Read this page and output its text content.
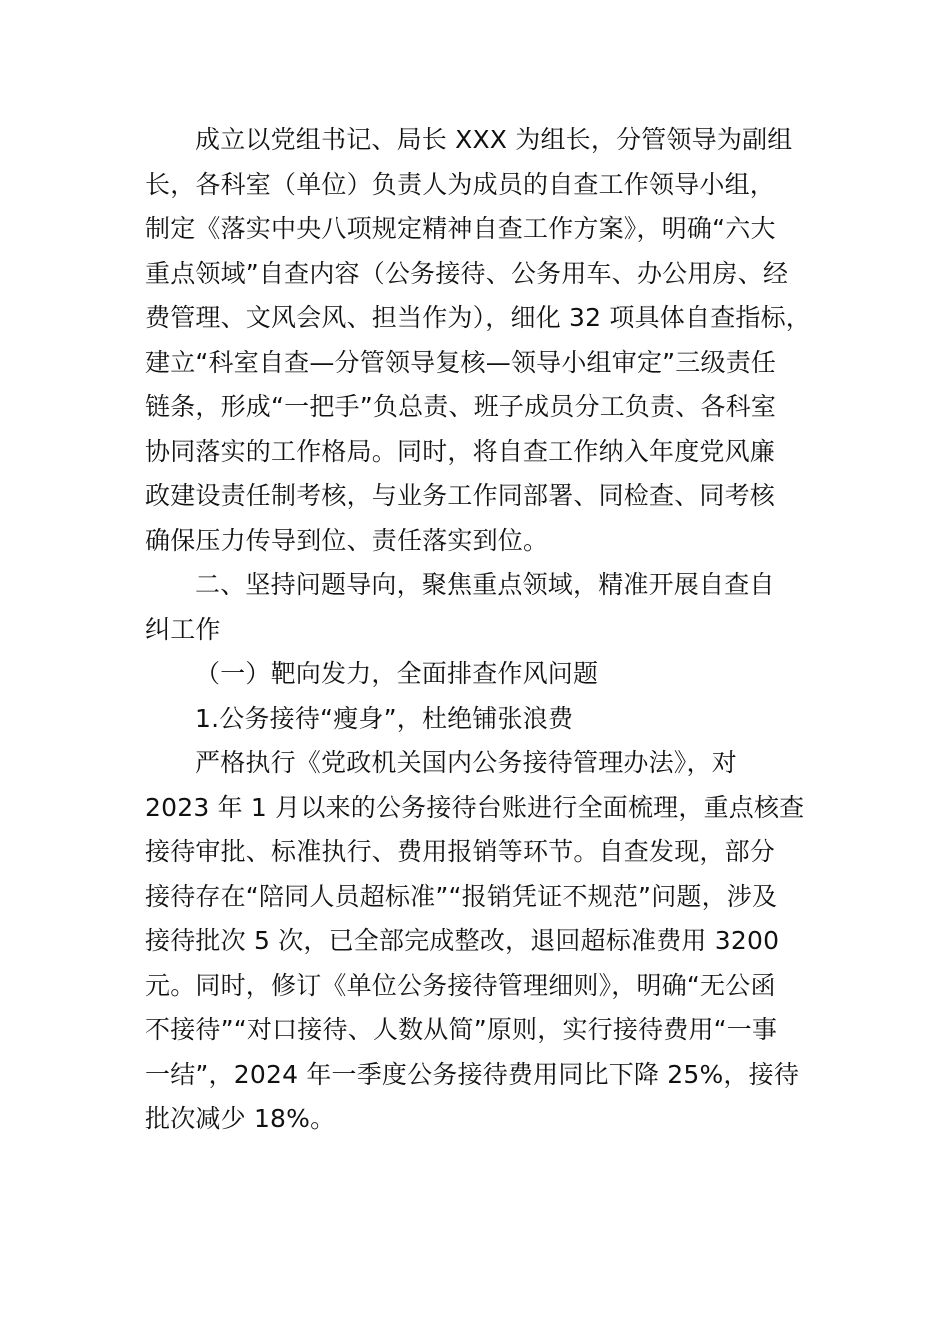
成立以党组书记、局长 XXX 为组长，分管领导为副组
长，各科室（单位）负责人为成员的自查工作领导小组，
制定《落实中央八项规定精神自查工作方案》，明确“六大
重点领域”自查内容（公务接待、公务用车、办公用房、经
费管理、文风会风、担当作为），细化 32 项具体自查指标，
建立“科室自查—分管领导复核—领导小组审定”三级责任
链条，形成“一把手”负总责、班子成员分工负责、各科室
协同落实的工作格局。同时，将自查工作纳入年度党风廉
政建设责任制考核，与业务工作同部署、同检查、同考核
确保压力传导到位、责任落实到位。
二、坚持问题导向，聚焦重点领域，精准开展自查自
纠工作
（一）靶向发力，全面排查作风问题
1.公务接待“瘦身”，杜绝铺张浪费
严格执行《党政机关国内公务接待管理办法》，对
2023 年 1 月以来的公务接待台账进行全面梳理，重点核查
接待审批、标准执行、费用报销等环节。自查发现，部分
接待存在“陪同人员超标准”“报销凭证不规范”问题，涉及
接待批次 5 次，已全部完成整改，退回超标准费用 3200
元。同时，修订《单位公务接待管理细则》，明确“无公函
不接待”“对口接待、人数从简”原则，实行接待费用“一事
一结”，2024 年一季度公务接待费用同比下降 25%，接待
批次减少 18%。
